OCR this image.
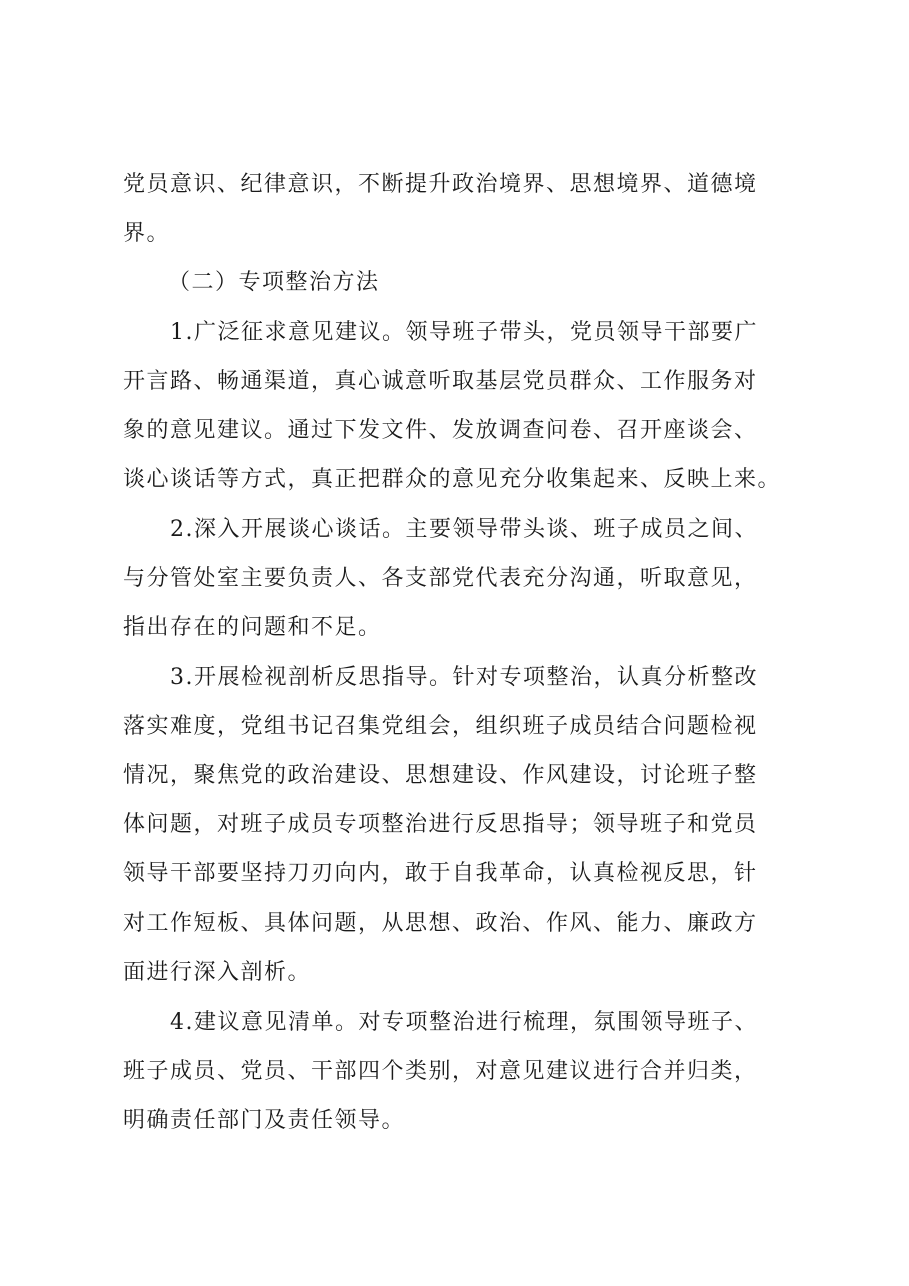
党员意识、纪律意识，不断提升政治境界、思想境界、道德境
界。
（二）专项整治方法
1.广泛征求意见建议。领导班子带头，党员领导干部要广
开言路、畅通渠道，真心诚意听取基层党员群众、工作服务对
象的意见建议。通过下发文件、发放调查问卷、召开座谈会、
谈心谈话等方式，真正把群众的意见充分收集起来、反映上来。
2.深入开展谈心谈话。主要领导带头谈、班子成员之间、
与分管处室主要负责人、各支部党代表充分沟通，听取意见，
指出存在的问题和不足。
3.开展检视剖析反思指导。针对专项整治，认真分析整改
落实难度，党组书记召集党组会，组织班子成员结合问题检视
情况，聚焦党的政治建设、思想建设、作风建设，讨论班子整
体问题，对班子成员专项整治进行反思指导；领导班子和党员
领导干部要坚持刀刃向内，敢于自我革命，认真检视反思，针
对工作短板、具体问题，从思想、政治、作风、能力、廉政方
面进行深入剖析。
4.建议意见清单。对专项整治进行梳理，氛围领导班子、
班子成员、党员、干部四个类别，对意见建议进行合并归类，
明确责任部门及责任领导。
